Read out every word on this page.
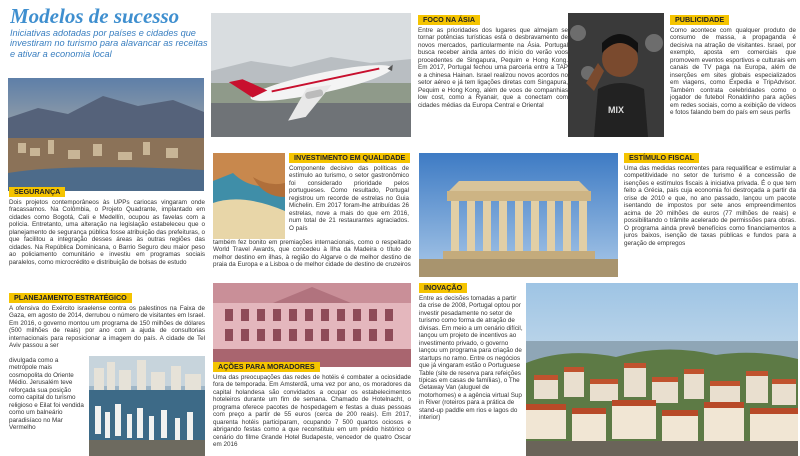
Modelos de sucesso
Iniciativas adotadas por países e cidades que investiram no turismo para alavancar as receitas e ativar a economia local
SEGURANÇA
Dois projetos contemporâneos às UPPs cariocas vingaram onde fracassamos. Na Colômbia, o Projeto Quadrante, implantado em cidades como Bogotá, Cali e Medellín, ocupou as favelas com a polícia. Entretanto, uma alteração na legislação estabeleceu que o planejamento de segurança pública fosse atribuição das prefeituras, o que facilitou a integração desses áreas às outras regiões das cidades. Na República Dominicana, o Barrio Seguro deu maior peso ao policiamento comunitário e investiu em programas sociais paralelos, como microcrédito e distribuição de bolsas de estudo
PLANEJAMENTO ESTRATÉGICO
A ofensiva do Exército israelense contra os palestinos na Faixa de Gaza, em agosto de 2014, derrubou o número de visitantes em Israel. Em 2016, o governo montou um programa de 150 milhões de dólares (500 milhões de reais) por ano com a ajuda de consultorias internacionais para reposicionar a imagem do país. A cidade de Tel Aviv passou a ser
divulgada como a metrópole mais cosmopolita do Oriente Médio. Jerusalém teve reforçada sua posição como capital do turismo religioso e Eilat foi vendida como um balneário paradisíaco no Mar Vermelho
FOCO NA ÁSIA
Entre as prioridades dos lugares que almejam se tornar potências turísticas está o desbravamento de novos mercados, particularmente na Ásia. Portugal busca receber ainda antes do início do verão voos procedentes de Singapura, Pequim e Hong Kong. Em 2017, Portugal fechou uma parceria entre a TAP e a chinesa Hainan. Israel realizou novos acordos no setor aéreo e já tem ligações diretas com Singapura, Pequim e Hong Kong, além de voos de companhias low cost, como a Ryanair, que a conectam com cidades médias da Europa Central e Oriental	MIX
PUBLICIDADE
Como acontece com qualquer produto de consumo de massa, a propaganda é decisiva na atração de visitantes. Israel, por exemplo, aposta em comerciais que promovem eventos esportivos e culturais em canais de TV paga na Europa, além de inserções em sites globais especializados em viagens, como Expedia e TripAdvisor. Também contrata celebridades como o jogador de futebol Ronaldinho para ações em redes sociais, como a exibição de vídeos e fotos falando bem do país em seus perfis
INVESTIMENTO EM QUALIDADE
Componente decisivo das políticas de estímulo ao turismo, o setor gastronômico foi considerado prioridade pelos portugueses. Como resultado, Portugal registrou um recorde de estrelas no Guia Michelin. Em 2017 foram-lhe atribuídas 26 estrelas, nove a mais do que em 2016, num total de 21 restaurantes agraciados. O país
também fez bonito em premiações internacionais, como o respeitado World Travel Awards, que concedeu à Ilha da Madeira o título de melhor destino em ilhas, à região do Algarve o de melhor destino de praia da Europa e a Lisboa o de melhor cidade de destino de cruzeiros
ESTÍMULO FISCAL
Uma das medidas recorrentes para requalificar e estimular a competitividade no setor de turismo é a concessão de isenções e estímulos fiscais à iniciativa privada. É o que tem feito a Grécia, país cuja economia foi destroçada a partir da crise de 2010 e que, no ano passado, lançou um pacote isentando de impostos por sete anos empreendimentos acima de 20 milhões de euros (77 milhões de reais) e possibilitando o trâmite acelerado de permissões para obras. O programa ainda prevê benefícios como financiamentos a juros baixos, isenção de taxas públicas e fundos para a geração de empregos
AÇÕES PARA MORADORES
Uma das preocupações das redes de hotéis é combater a ociosidade fora de temporada. Em Amsterdã, uma vez por ano, os moradores da capital holandesa são convidados a ocupar os estabelecimentos hoteleiros durante um fim de semana. Chamado de Hotelnacht, o programa oferece pacotes de hospedagem e festas a duas pessoas com preço a partir de 55 euros (cerca de 200 reais). Em 2017, quarenta hotéis participaram, ocupando 7 500 quartos ociosos e abrigando festas como a que reconstituiu em um prédio histórico o cenário do filme Grande Hotel Budapeste, vencedor de quatro Oscar em 2016
INOVAÇÃO
Entre as decisões tomadas a partir da crise de 2008, Portugal optou por investir pesadamente no setor de turismo como forma de atração de divisas. Em meio a um cenário difícil, lançou um projeto de incentivos ao investimento privado, o governo lançou um programa para criação de startups no ramo. Entre os negócios que já vingaram estão o Portuguese Table (site de reserva para refeições típicas em casas de famílias), o The Getaway Van (aluguel de motorhomes) e a agência virtual Sup in River (roteiros para a prática de stand-up paddle em rios e lagos do interior)
